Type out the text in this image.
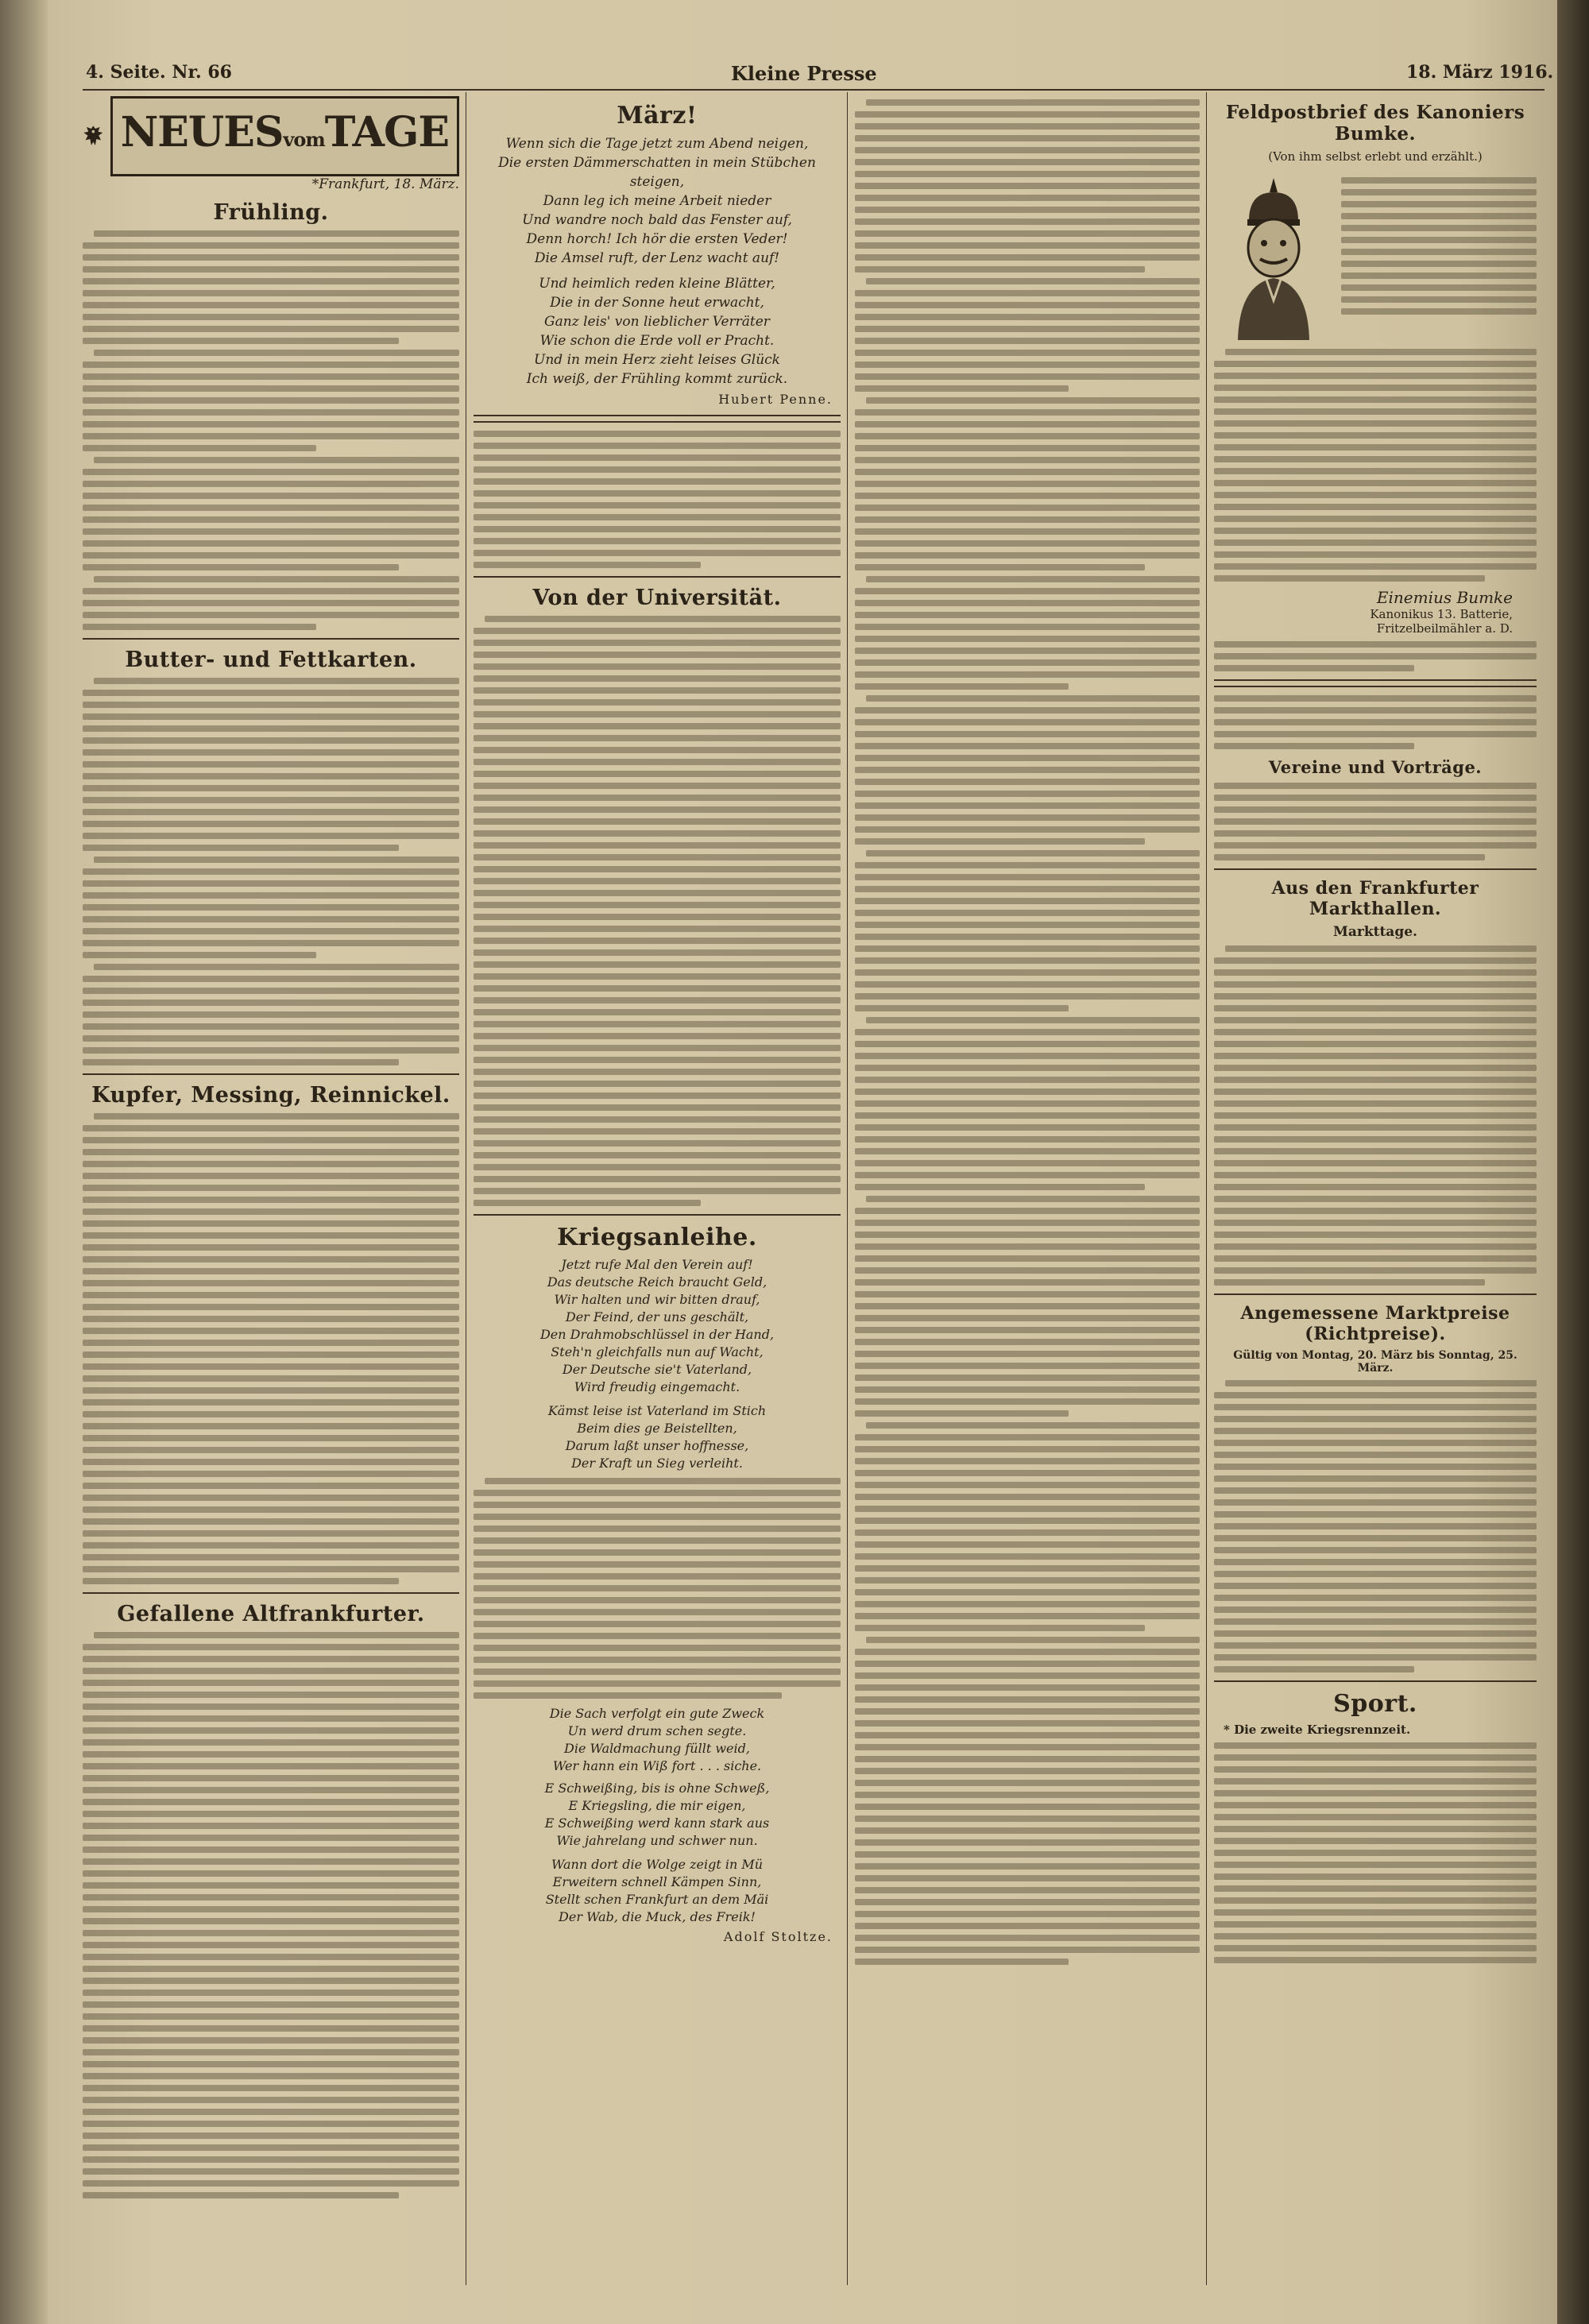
4. Seite. Nr. 66	Kleine Presse	18. März 1916.
NEUESvomTAGE
*Frankfurt, 18. März.
Frühling.
Butter- und Fettkarten.
Kupfer, Messing, Reinnickel.
Gefallene Altfrankfurter.
März!
Wenn sich die Tage jetzt zum Abend neigen,
Die ersten Dämmerschatten in mein Stübchen steigen,
Dann leg ich meine Arbeit nieder
Und wandre noch bald das Fenster auf,
Denn horch! Ich hör die ersten Veder!
Die Amsel ruft, der Lenz wacht auf!
Und heimlich reden kleine Blätter,
Die in der Sonne heut erwacht,
Ganz leis' von lieblicher Verräter
Wie schon die Erde voll er Pracht.
Und in mein Herz zieht leises Glück
Ich weiß, der Frühling kommt zurück.
Hubert Penne.
Von der Universität.
Kriegsanleihe.
Jetzt rufe Mal den Verein auf!
Das deutsche Reich braucht Geld,
Wir halten und wir bitten drauf,
Der Feind, der uns geschält,
Den Drahmobschlüssel in der Hand,
Steh'n gleichfalls nun auf Wacht,
Der Deutsche sie't Vaterland,
Wird freudig eingemacht.
Kämst leise ist Vaterland im Stich
Beim dies ge Beistellten,
Darum laßt unser hoffnesse,
Der Kraft un Sieg verleiht.
Die Sach verfolgt ein gute Zweck
Un werd drum schen segte.
Die Waldmachung füllt weid,
Wer hann ein Wiß fort . . . siche.
E Schweißing, bis is ohne Schweß,
E Kriegsling, die mir eigen,
E Schweißing werd kann stark aus
Wie jahrelang und schwer nun.
Wann dort die Wolge zeigt in Mü
Erweitern schnell Kämpen Sinn,
Stellt schen Frankfurt an dem Mäi
Der Wab, die Muck, des Freik!
Adolf Stoltze.
Feldpostbrief des Kanoniers Bumke.
(Von ihm selbst erlebt und erzählt.)
Einemius Bumke
Kanonikus 13. Batterie,
Fritzelbeilmähler a. D.
Vereine und Vorträge.
Aus den Frankfurter Markthallen.
Markttage.
Angemessene Marktpreise (Richtpreise).
Gültig von Montag, 20. März bis Sonntag, 25. März.
Sport.
* Die zweite Kriegsrennzeit.
